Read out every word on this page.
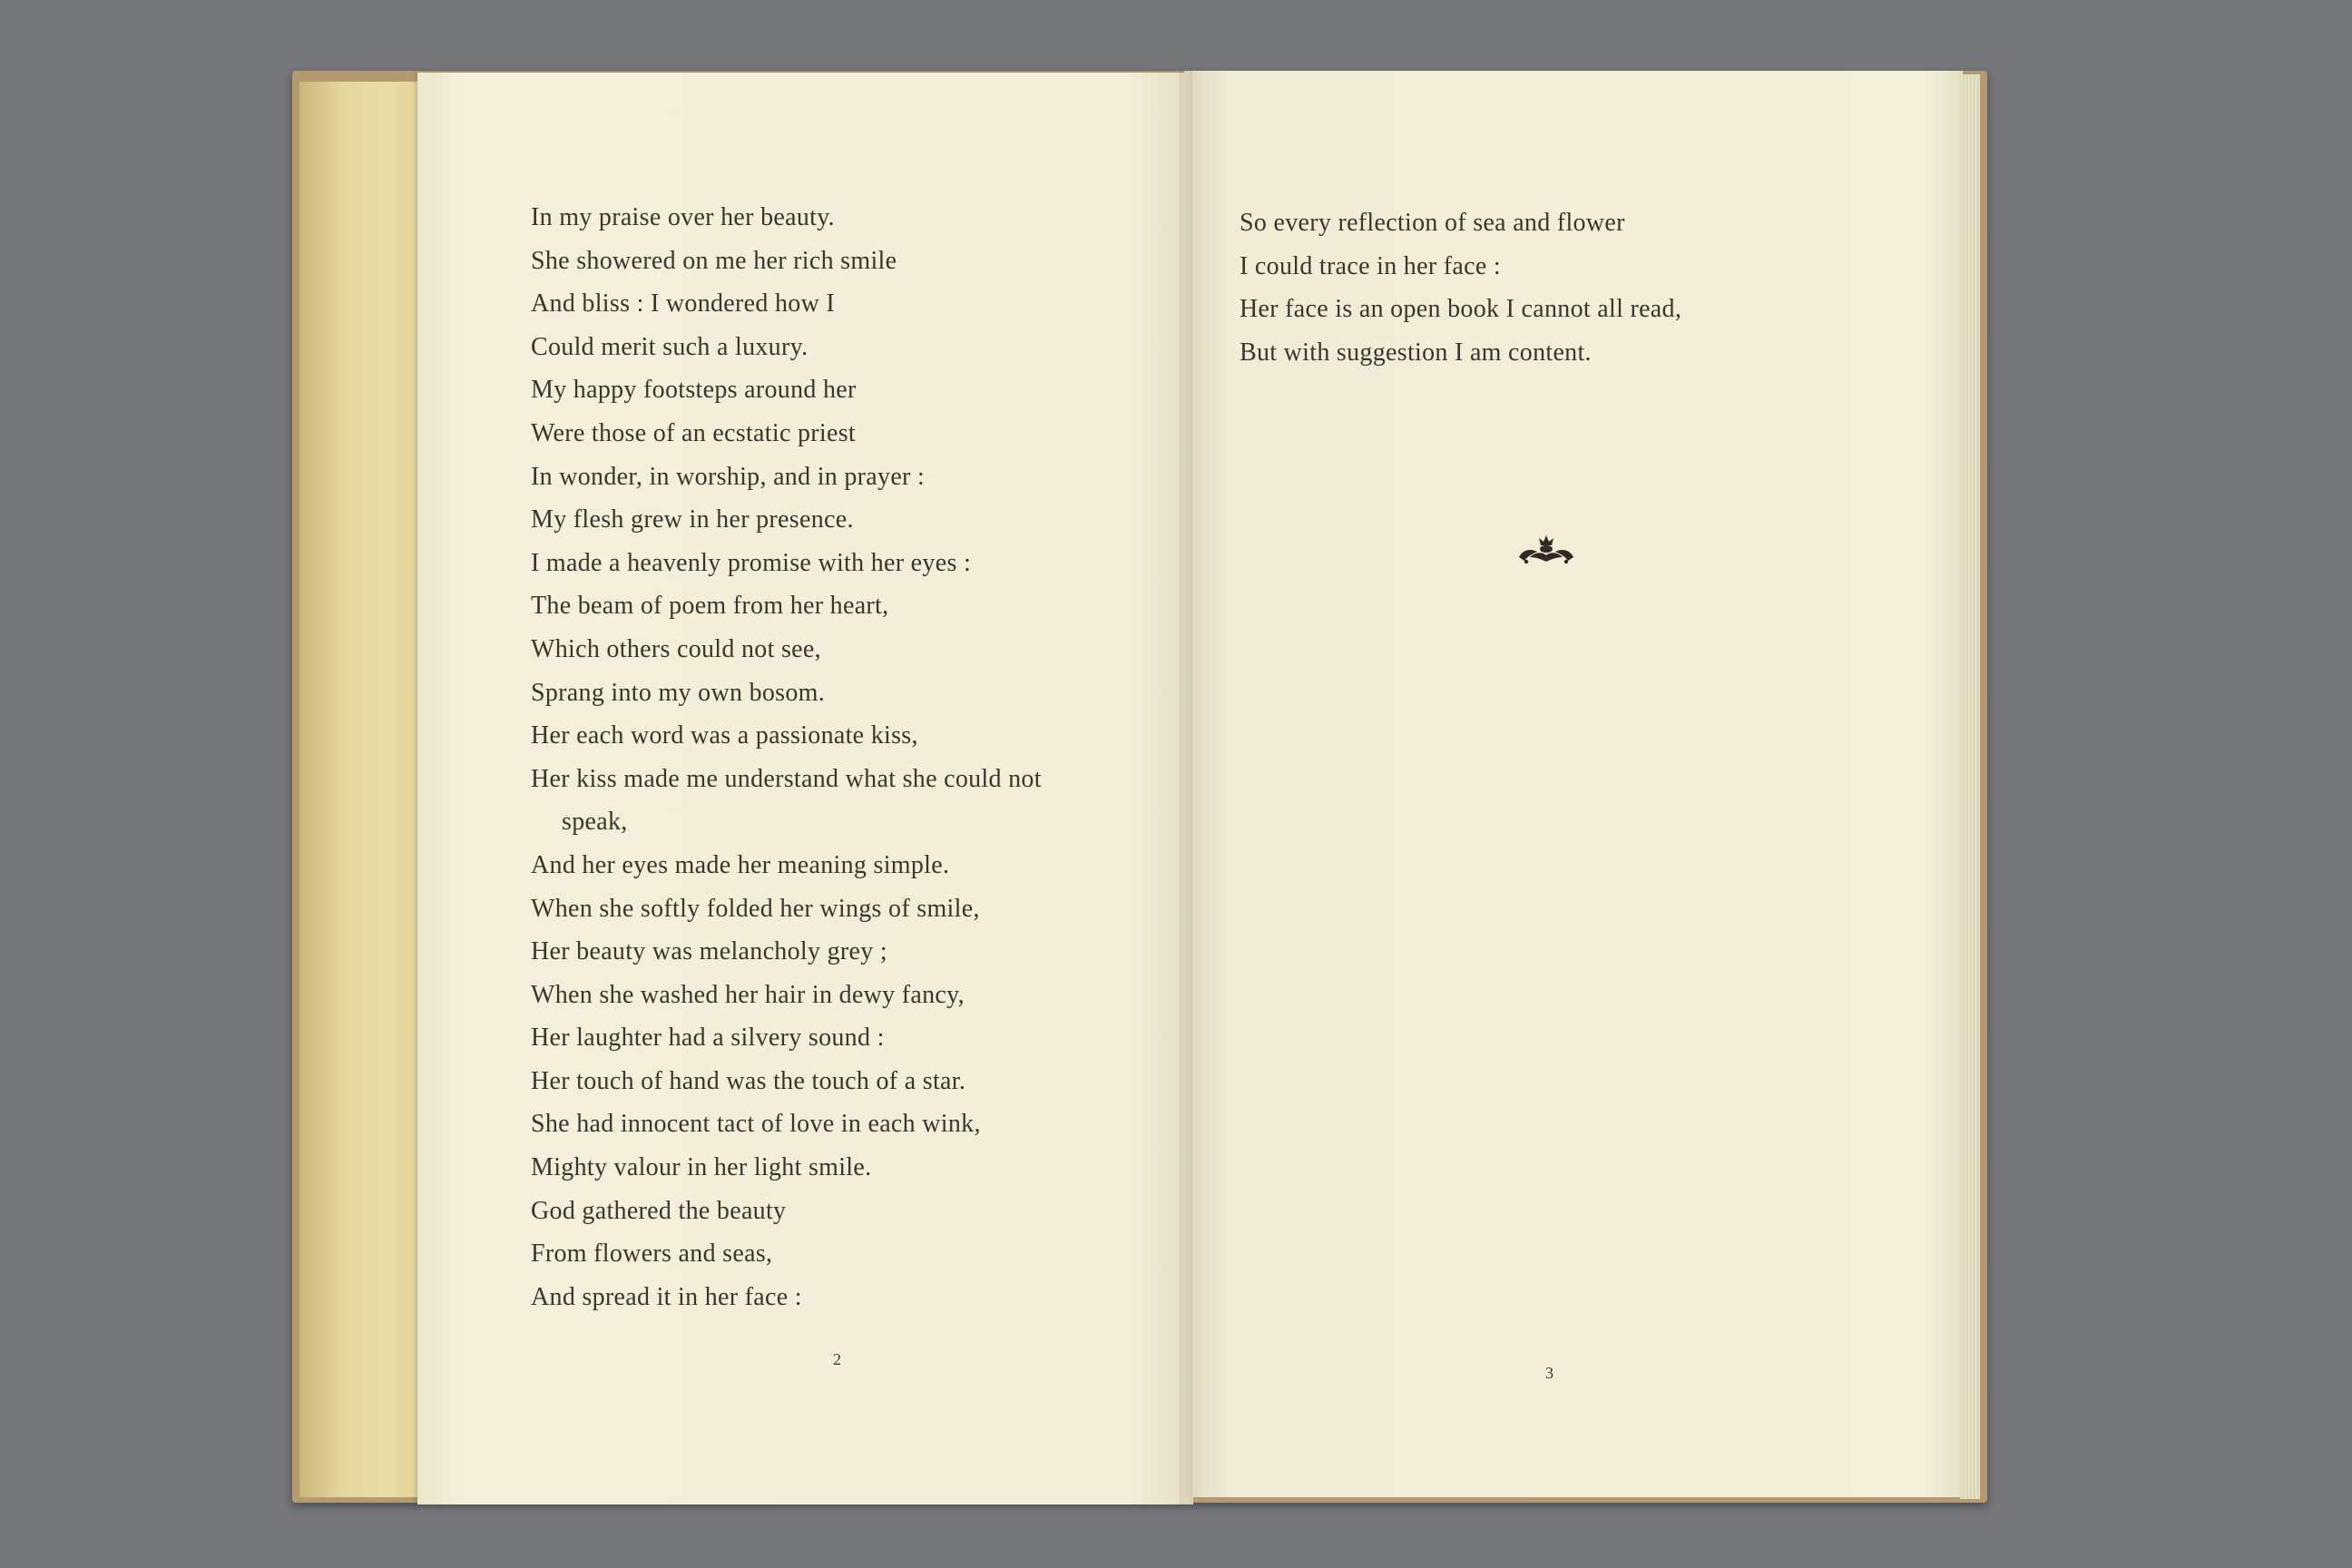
In my praise over her beauty.
She showered on me her rich smile
And bliss : I wondered how I
Could merit such a luxury.
My happy footsteps around her
Were those of an ecstatic priest
In wonder, in worship, and in prayer :
My flesh grew in her presence.
I made a heavenly promise with her eyes :
The beam of poem from her heart,
Which others could not see,
Sprang into my own bosom.
Her each word was a passionate kiss,
Her kiss made me understand what she could not
speak,
And her eyes made her meaning simple.
When she softly folded her wings of smile,
Her beauty was melancholy grey ;
When she washed her hair in dewy fancy,
Her laughter had a silvery sound :
Her touch of hand was the touch of a star.
She had innocent tact of love in each wink,
Mighty valour in her light smile.
God gathered the beauty
From flowers and seas,
And spread it in her face :
2
So every reflection of sea and flower
I could trace in her face :
Her face is an open book I cannot all read,
But with suggestion I am content.
3
